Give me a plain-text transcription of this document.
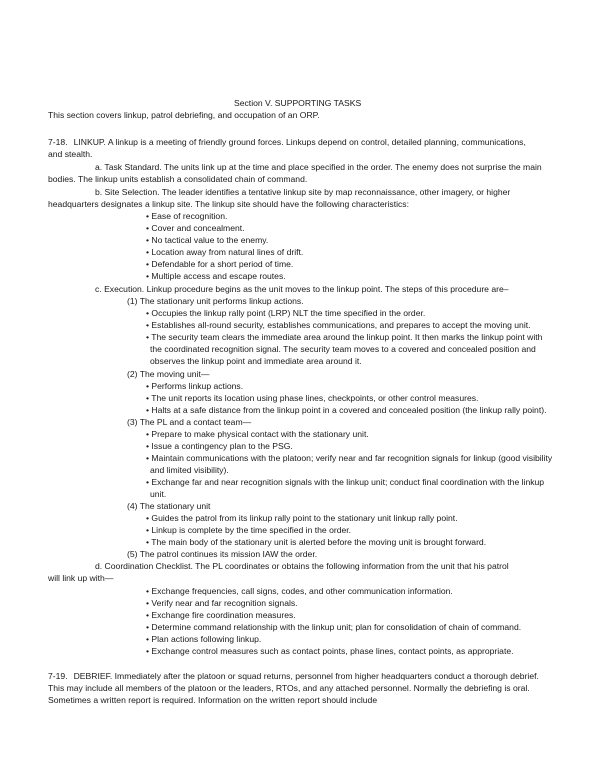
Section V. SUPPORTING TASKS
This section covers linkup, patrol debriefing, and occupation of an ORP.
7-18. LINKUP. A linkup is a meeting of friendly ground forces. Linkups depend on control, detailed planning, communications,
and stealth.
a. Task Standard. The units link up at the time and place specified in the order. The enemy does not surprise the main
bodies. The linkup units establish a consolidated chain of command.
b. Site Selection. The leader identifies a tentative linkup site by map reconnaissance, other imagery, or higher
headquarters designates a linkup site. The linkup site should have the following characteristics:
• Ease of recognition.
• Cover and concealment.
• No tactical value to the enemy.
• Location away from natural lines of drift.
• Defendable for a short period of time.
• Multiple access and escape routes.
c. Execution. Linkup procedure begins as the unit moves to the linkup point. The steps of this procedure are–
(1) The stationary unit performs linkup actions.
• Occupies the linkup rally point (LRP) NLT the time specified in the order.
• Establishes all-round security, establishes communications, and prepares to accept the moving unit.
• The security team clears the immediate area around the linkup point. It then marks the linkup point with
the coordinated recognition signal. The security team moves to a covered and concealed position and
observes the linkup point and immediate area around it.
(2) The moving unit—
• Performs linkup actions.
• The unit reports its location using phase lines, checkpoints, or other control measures.
• Halts at a safe distance from the linkup point in a covered and concealed position (the linkup rally point).
(3) The PL and a contact team—
• Prepare to make physical contact with the stationary unit.
• Issue a contingency plan to the PSG.
• Maintain communications with the platoon; verify near and far recognition signals for linkup (good visibility
and limited visibility).
• Exchange far and near recognition signals with the linkup unit; conduct final coordination with the linkup
unit.
(4) The stationary unit
• Guides the patrol from its linkup rally point to the stationary unit linkup rally point.
• Linkup is complete by the time specified in the order.
• The main body of the stationary unit is alerted before the moving unit is brought forward.
(5) The patrol continues its mission IAW the order.
d. Coordination Checklist. The PL coordinates or obtains the following information from the unit that his patrol
will link up with—
• Exchange frequencies, call signs, codes, and other communication information.
• Verify near and far recognition signals.
• Exchange fire coordination measures.
• Determine command relationship with the linkup unit; plan for consolidation of chain of command.
• Plan actions following linkup.
• Exchange control measures such as contact points, phase lines, contact points, as appropriate.
7-19. DEBRIEF. Immediately after the platoon or squad returns, personnel from higher headquarters conduct a thorough debrief.
This may include all members of the platoon or the leaders, RTOs, and any attached personnel. Normally the debriefing is oral.
Sometimes a written report is required. Information on the written report should include
